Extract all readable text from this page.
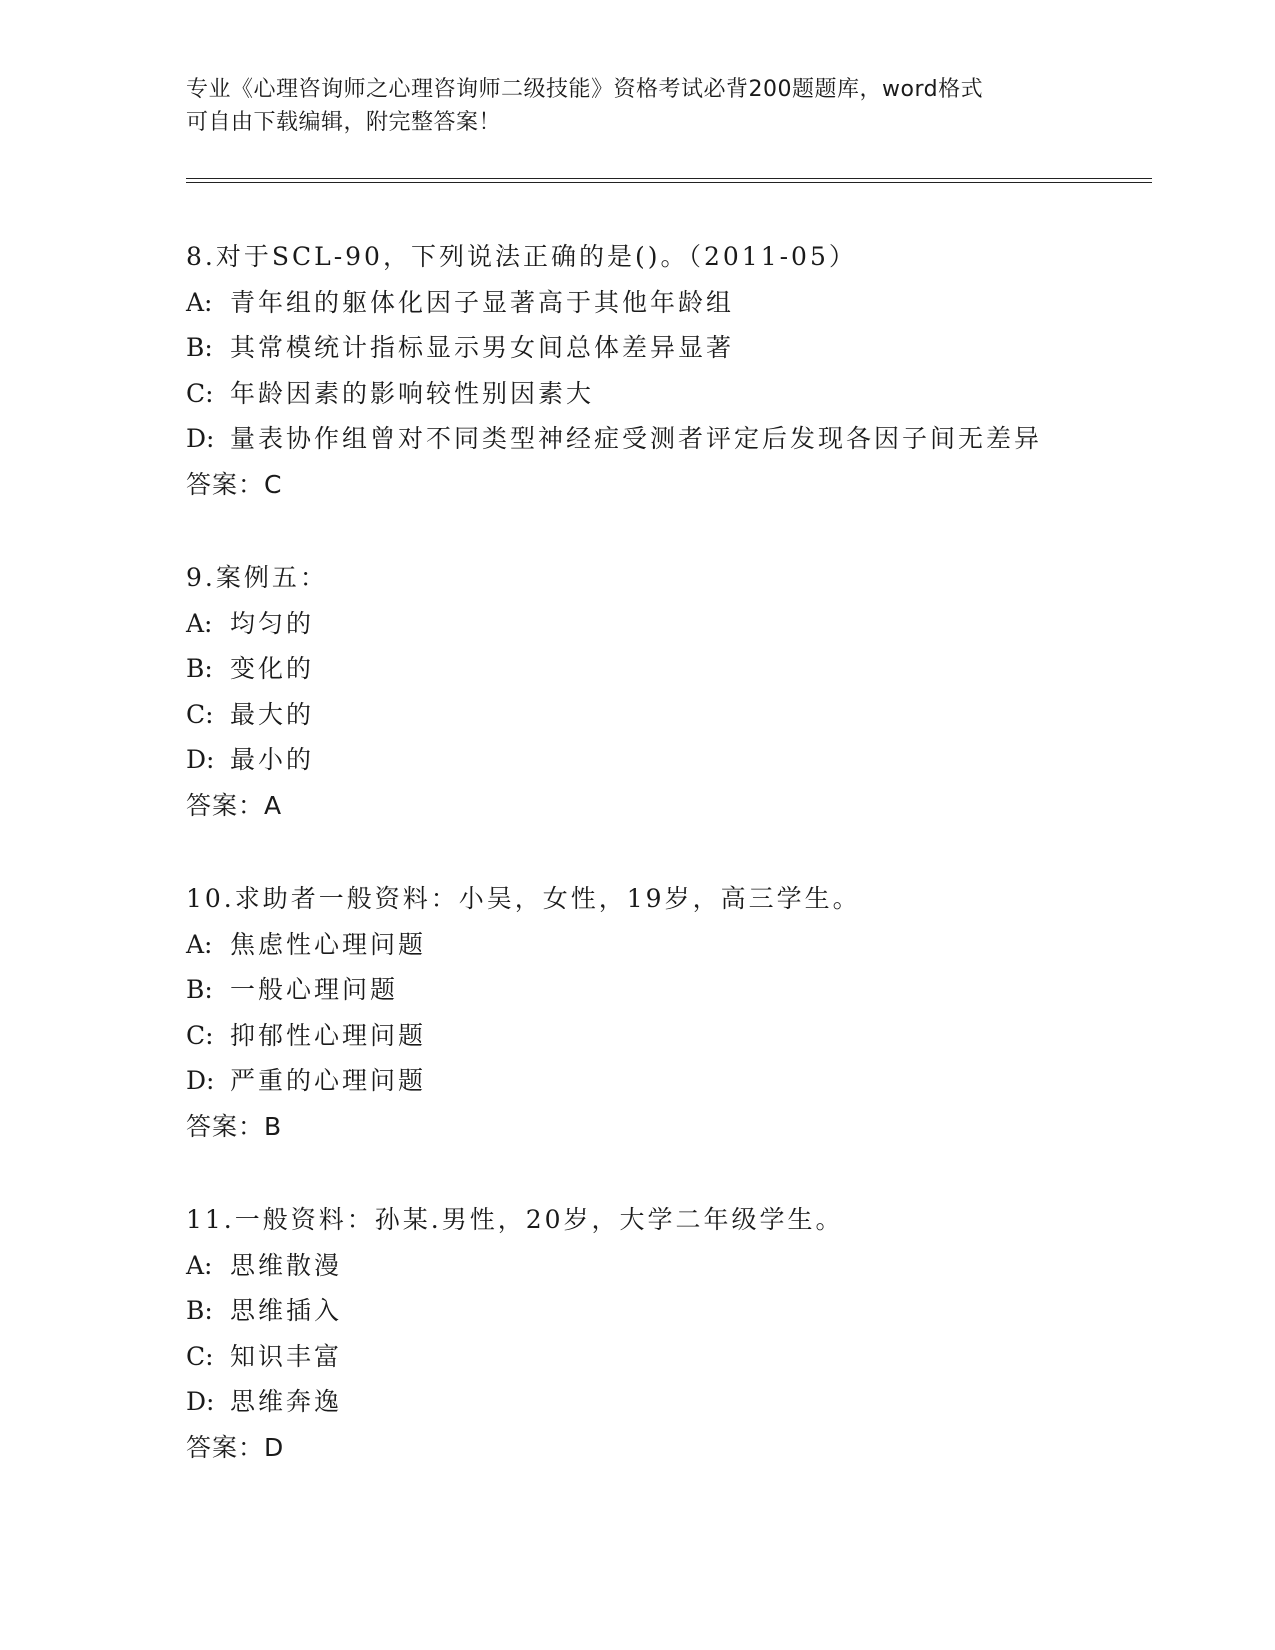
专业《心理咨询师之心理咨询师二级技能》资格考试必背200题题库，word格式
可自由下载编辑，附完整答案！
8.对于SCL-90，下列说法正确的是()。（2011-05）
A: 青年组的躯体化因子显著高于其他年龄组
B: 其常模统计指标显示男女间总体差异显著
C: 年龄因素的影响较性别因素大
D: 量表协作组曾对不同类型神经症受测者评定后发现各因子间无差异
答案：C
9.案例五：
A: 均匀的
B: 变化的
C: 最大的
D: 最小的
答案：A
10.求助者一般资料：小吴，女性，19岁，高三学生。
A: 焦虑性心理问题
B: 一般心理问题
C: 抑郁性心理问题
D: 严重的心理问题
答案：B
11.一般资料：孙某.男性，20岁，大学二年级学生。
A: 思维散漫
B: 思维插入
C: 知识丰富
D: 思维奔逸
答案：D
